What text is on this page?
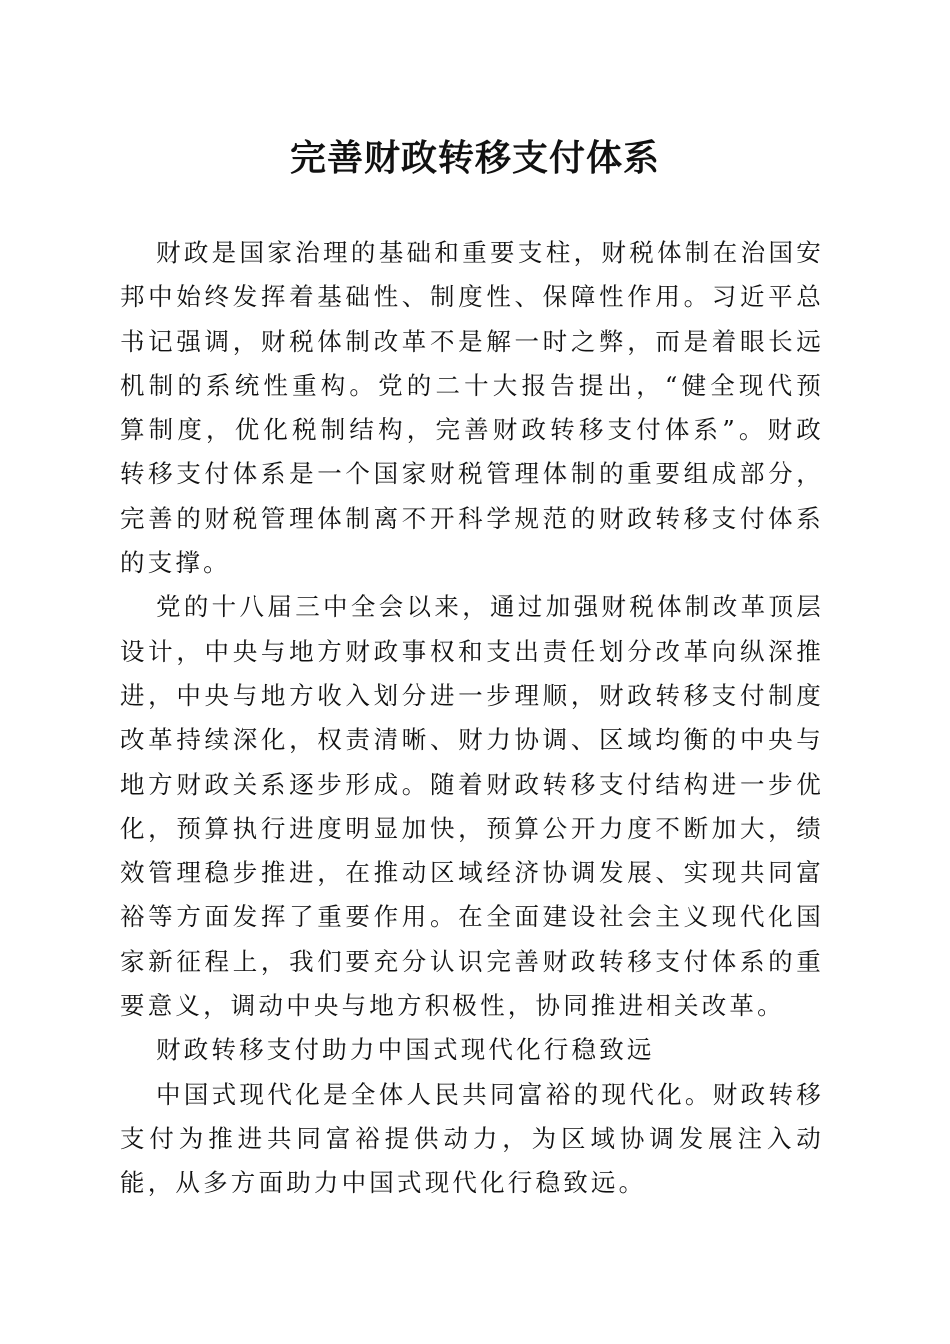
完善财政转移支付体系

财政是国家治理的基础和重要支柱，财税体制在治国安邦中始终发挥着基础性、制度性、保障性作用。习近平总书记强调，财税体制改革不是解一时之弊，而是着眼长远机制的系统性重构。党的二十大报告提出，“健全现代预算制度，优化税制结构，完善财政转移支付体系”。财政转移支付体系是一个国家财税管理体制的重要组成部分，完善的财税管理体制离不开科学规范的财政转移支付体系的支撑。

党的十八届三中全会以来，通过加强财税体制改革顶层设计，中央与地方财政事权和支出责任划分改革向纵深推进，中央与地方收入划分进一步理顺，财政转移支付制度改革持续深化，权责清晰、财力协调、区域均衡的中央与地方财政关系逐步形成。随着财政转移支付结构进一步优化，预算执行进度明显加快，预算公开力度不断加大，绩效管理稳步推进，在推动区域经济协调发展、实现共同富裕等方面发挥了重要作用。在全面建设社会主义现代化国家新征程上，我们要充分认识完善财政转移支付体系的重要意义，调动中央与地方积极性，协同推进相关改革。

财政转移支付助力中国式现代化行稳致远

中国式现代化是全体人民共同富裕的现代化。财政转移支付为推进共同富裕提供动力，为区域协调发展注入动能，从多方面助力中国式现代化行稳致远。
